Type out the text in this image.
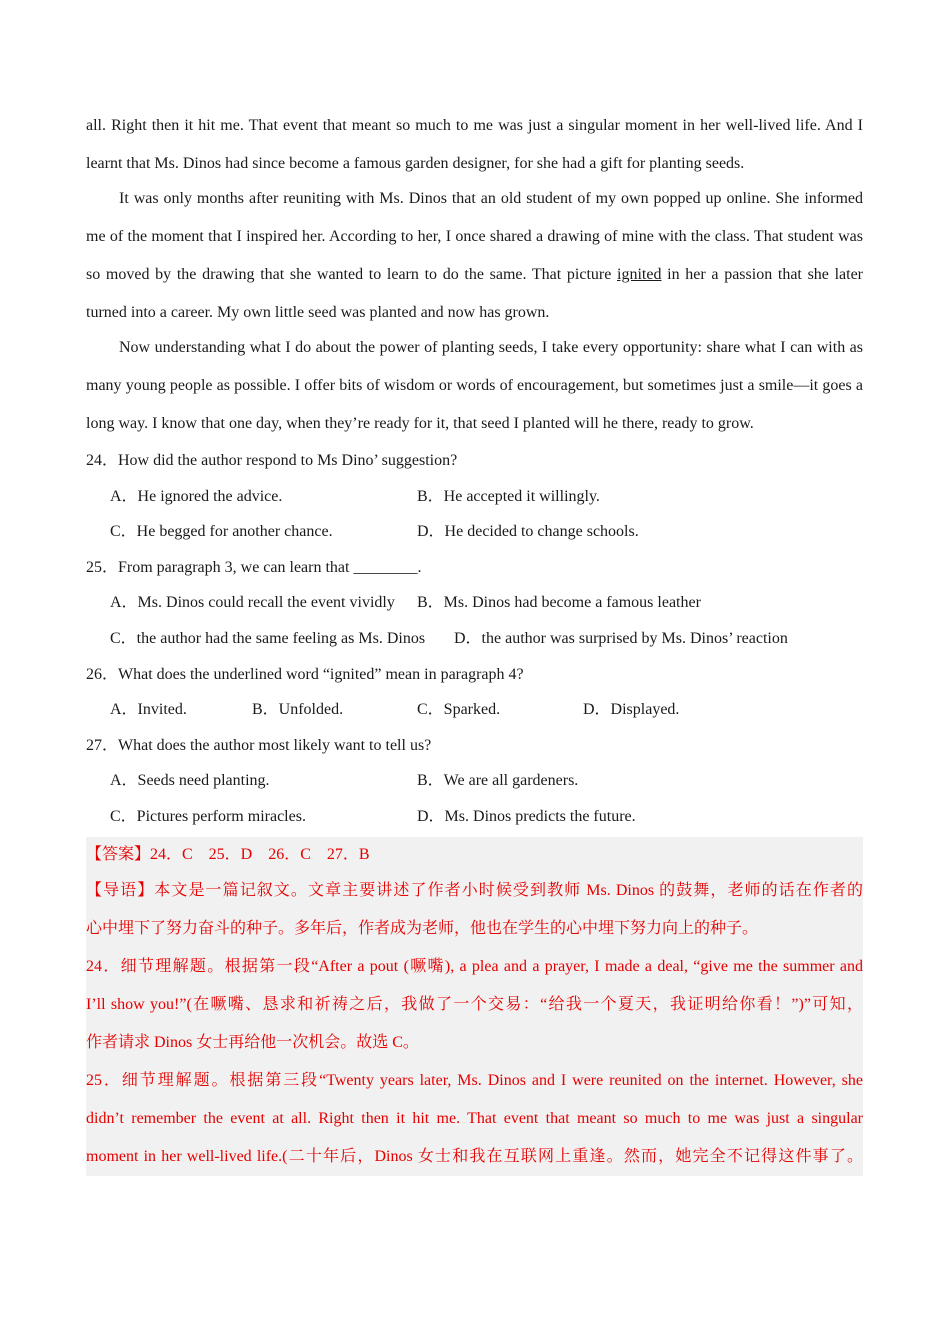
all. Right then it hit me. That event that meant so much to me was just a singular moment in her well-lived life. And I learnt that Ms. Dinos had since become a famous garden designer, for she had a gift for planting seeds.

It was only months after reuniting with Ms. Dinos that an old student of my own popped up online. She informed me of the moment that I inspired her. According to her, I once shared a drawing of mine with the class. That student was so moved by the drawing that she wanted to learn to do the same. That picture ignited in her a passion that she later turned into a career. My own little seed was planted and now has grown.

Now understanding what I do about the power of planting seeds, I take every opportunity: share what I can with as many young people as possible. I offer bits of wisdom or words of encouragement, but sometimes just a smile—it goes a long way. I know that one day, when they’re ready for it, that seed I planted will he there, ready to grow.

24．How did the author respond to Ms Dino’ suggestion?
A．He ignored the advice.	B．He accepted it willingly.
C．He begged for another chance.	D．He decided to change schools.
25．From paragraph 3, we can learn that ________.
A．Ms. Dinos could recall the event vividly B．Ms. Dinos had become a famous leather
C．the author had the same feeling as Ms. Dinos D．the author was surprised by Ms. Dinos’ reaction
26．What does the underlined word “ignited” mean in paragraph 4?
A．Invited.	B．Unfolded.	C．Sparked.	D．Displayed.
27．What does the author most likely want to tell us?
A．Seeds need planting.	B．We are all gardeners.
C．Pictures perform miracles.	D．Ms. Dinos predicts the future.
【答案】24．C　25．D　26．C　27．B
【导语】本文是一篇记叙文。文章主要讲述了作者小时候受到教师 Ms. Dinos 的鼓舞，老师的话在作者的
心中埋下了努力奋斗的种子。多年后，作者成为老师，他也在学生的心中埋下努力向上的种子。
24．细节理解题。根据第一段“After a pout (噘嘴), a plea and a prayer, I made a deal, “give me the summer and
I’ll show you!”(在噘嘴、恳求和祈祷之后，我做了一个交易：“给我一个夏天，我证明给你看！”)”可知，
作者请求 Dinos 女士再给他一次机会。故选 C。
25．细节理解题。根据第三段“Twenty years later, Ms. Dinos and I were reunited on the internet. However, she
didn’t remember the event at all. Right then it hit me. That event that meant so much to me was just a singular
moment in her well-lived life.(二十年后，Dinos 女士和我在互联网上重逢。然而，她完全不记得这件事了。
